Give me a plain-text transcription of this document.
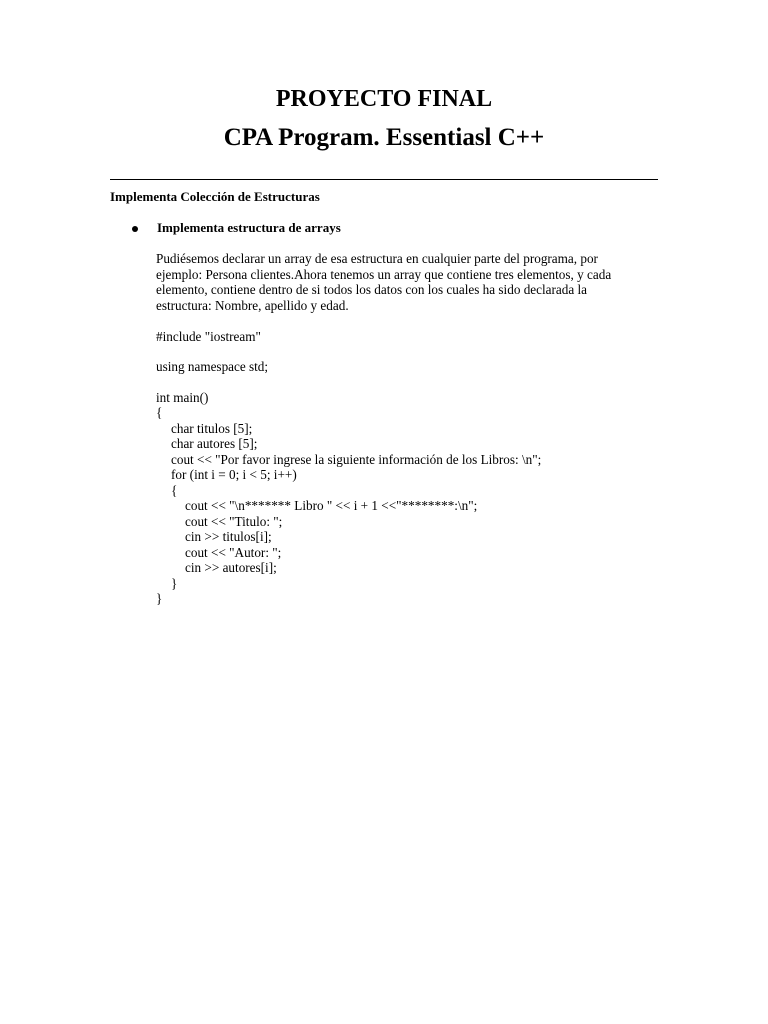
PROYECTO FINAL
CPA Program. Essentiasl C++
Implementa Colección de Estructuras
Implementa estructura de arrays
Pudiésemos declarar un array de esa estructura en cualquier parte del programa, por
ejemplo: Persona clientes.Ahora tenemos un array que contiene tres elementos, y cada
elemento, contiene dentro de si todos los datos con los cuales ha sido declarada la
estructura: Nombre, apellido y edad.
#include "iostream"
using namespace std;
int main()
{
char titulos [5];
char autores [5];
cout << "Por favor ingrese la siguiente información de los Libros: \n";
for (int i = 0; i < 5; i++)
{
cout << "\n******* Libro " << i + 1 <<"********:\n";
cout << "Titulo: ";
cin >> titulos[i];
cout << "Autor: ";
cin >> autores[i];
}
}
